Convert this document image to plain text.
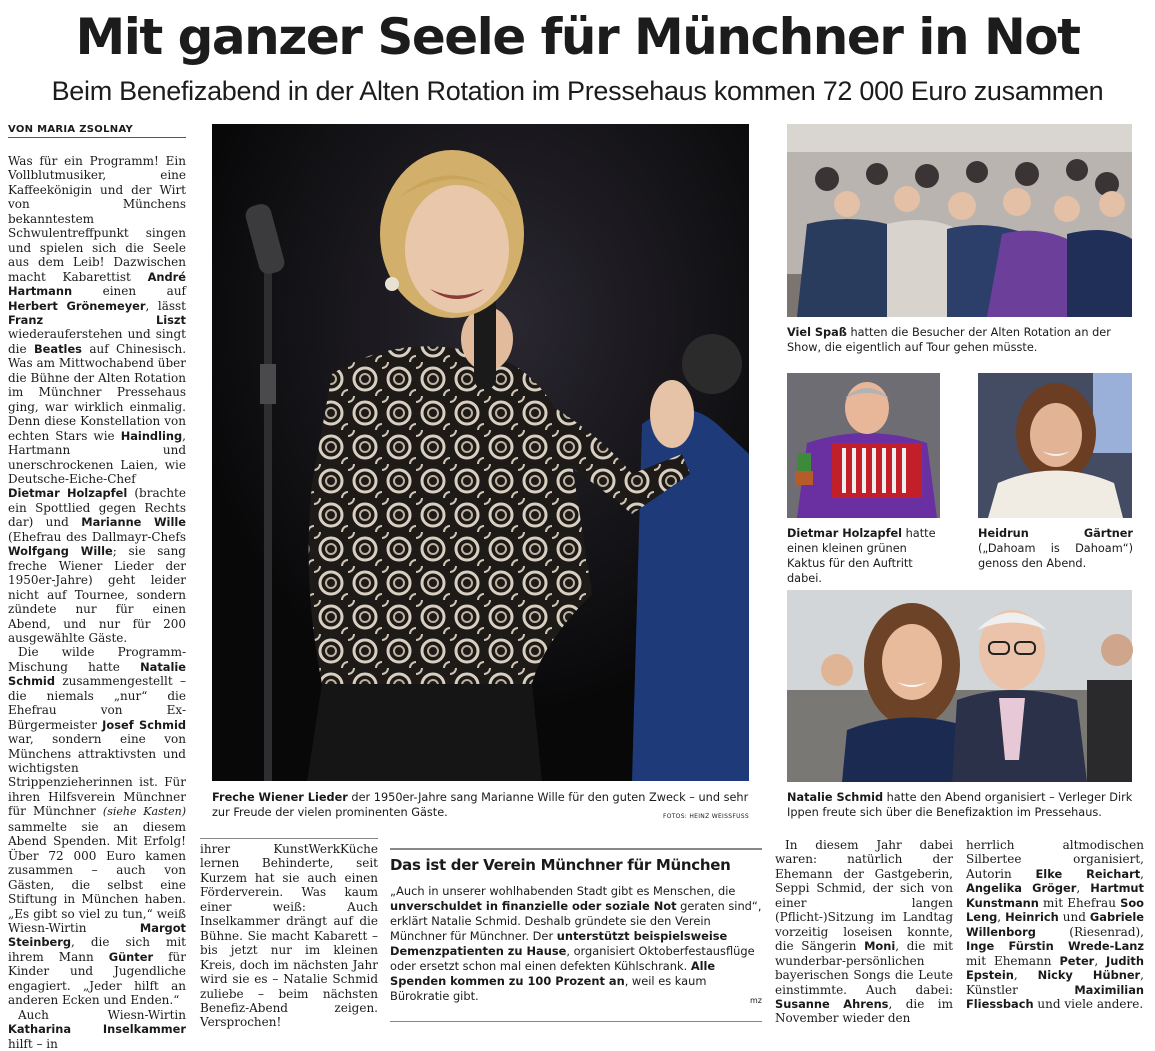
Mit ganzer Seele für Münchner in Not
Beim Benefizabend in der Alten Rotation im Pressehaus kommen 72 000 Euro zusammen
VON MARIA ZSOLNAY

Was für ein Programm! Ein Vollblutmusiker, eine Kaffeekönigin und der Wirt von Münchens bekanntestem Schwulentreffpunkt singen und spielen sich die Seele aus dem Leib! Dazwischen macht Kabarettist André Hartmann einen auf Herbert Grönemeyer, lässt Franz Liszt wiederauferstehen und singt die Beatles auf Chinesisch. Was am Mittwochabend über die Bühne der Alten Rotation im Münchner Pressehaus ging, war wirklich einmalig. Denn diese Konstellation von echten Stars wie Haindling, Hartmann und unerschrockenen Laien, wie Deutsche-Eiche-Chef Dietmar Holzapfel (brachte ein Spottlied gegen Rechts dar) und Marianne Wille (Ehefrau des Dallmayr-Chefs Wolfgang Wille; sie sang freche Wiener Lieder der 1950er-Jahre) geht leider nicht auf Tournee, sondern zündete nur für einen Abend, und nur für 200 ausgewählte Gäste.

Die wilde Programm-Mischung hatte Natalie Schmid zusammengestellt – die niemals „nur“ die Ehefrau von Ex-Bürgermeister Josef Schmid war, sondern eine von Münchens attraktivsten und wichtigsten Strippenzieherinnen ist. Für ihren Hilfsverein Münchner für Münchner (siehe Kasten) sammelte sie an diesem Abend Spenden. Mit Erfolg! Über 72 000 Euro kamen zusammen – auch von Gästen, die selbst eine Stiftung in München haben. „Es gibt so viel zu tun,“ weiß Wiesn-Wirtin Margot Steinberg, die sich mit ihrem Mann Günter für Kinder und Jugendliche engagiert. „Jeder hilft an anderen Ecken und Enden.“

Auch Wiesn-Wirtin Katharina Inselkammer hilft – in

Freche Wiener Lieder der 1950er-Jahre sang Marianne Wille für den guten Zweck – und sehr zur Freude der vielen prominenten Gäste.	FOTOS: HEINZ WEISSFUSS
Viel Spaß hatten die Besucher der Alten Rotation an der Show, die eigentlich auf Tour gehen müsste.
Dietmar Holzapfel hatte einen kleinen grünen Kaktus für den Auftritt dabei.
Heidrun Gärtner („Dahoam is Dahoam“) genoss den Abend.
Natalie Schmid hatte den Abend organisiert – Verleger Dirk Ippen freute sich über die Benefizaktion im Pressehaus.

ihrer KunstWerkKüche lernen Behinderte, seit Kurzem hat sie auch einen Förderverein. Was kaum einer weiß: Auch Inselkammer drängt auf die Bühne. Sie macht Kabarett – bis jetzt nur im kleinen Kreis, doch im nächsten Jahr wird sie es – Natalie Schmid zuliebe – beim nächsten Benefiz-Abend zeigen. Versprochen!

Das ist der Verein Münchner für München

„Auch in unserer wohlhabenden Stadt gibt es Menschen, die unverschuldet in finanzielle oder soziale Not geraten sind“, erklärt Natalie Schmid. Deshalb gründete sie den Verein Münchner für Münchner. Der unterstützt beispielsweise Demenzpatienten zu Hause, organisiert Oktoberfestausflüge oder ersetzt schon mal einen defekten Kühlschrank. Alle Spenden kommen zu 100 Prozent an, weil es kaum Bürokratie gibt.	mz

In diesem Jahr dabei waren: natürlich der Ehemann der Gastgeberin, Seppi Schmid, der sich von einer langen (Pflicht-)Sitzung im Landtag vorzeitig loseisen konnte, die Sängerin Moni, die mit wunderbar-persönlichen bayerischen Songs die Leute einstimmte. Auch dabei: Susanne Ahrens, die im November wieder den

herrlich altmodischen Silbertee organisiert, Autorin Elke Reichart, Angelika Gröger, Hartmut Kunstmann mit Ehefrau Soo Leng, Heinrich und Gabriele Willenborg (Riesenrad), Inge Fürstin Wrede-Lanz mit Ehemann Peter, Judith Epstein, Nicky Hübner, Künstler Maximilian Fliessbach und viele andere.
